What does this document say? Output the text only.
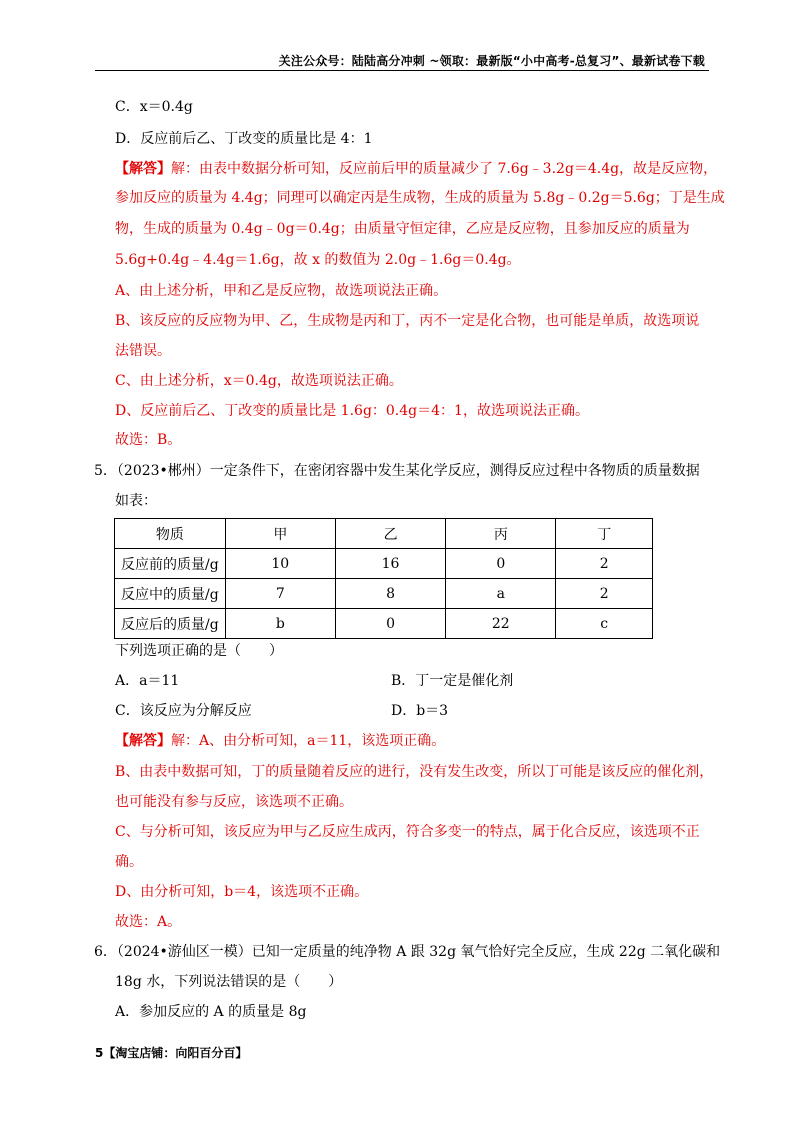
关注公众号：陆陆高分冲刺 ~领取：最新版“小中高考-总复习”、最新试卷下载
C．x＝0.4g
D．反应前后乙、丁改变的质量比是 4：1
【解答】解：由表中数据分析可知，反应前后甲的质量减少了 7.6g﹣3.2g＝4.4g，故是反应物，
参加反应的质量为 4.4g；同理可以确定丙是生成物，生成的质量为 5.8g﹣0.2g＝5.6g；丁是生成
物，生成的质量为 0.4g﹣0g＝0.4g；由质量守恒定律，乙应是反应物，且参加反应的质量为
5.6g+0.4g﹣4.4g＝1.6g，故 x 的数值为 2.0g﹣1.6g＝0.4g。
A、由上述分析，甲和乙是反应物，故选项说法正确。
B、该反应的反应物为甲、乙，生成物是丙和丁，丙不一定是化合物，也可能是单质，故选项说
法错误。
C、由上述分析，x＝0.4g，故选项说法正确。
D、反应前后乙、丁改变的质量比是 1.6g：0.4g＝4：1，故选项说法正确。
故选：B。
5．（2023•郴州）一定条件下，在密闭容器中发生某化学反应，测得反应过程中各物质的质量数据
如表：
物质	甲	乙	丙	丁
反应前的质量/g	10	16	0	2
反应中的质量/g	7	8	a	2
反应后的质量/g	b	0	22	c
下列选项正确的是（　　）
A．a＝11	B．丁一定是催化剂
C．该反应为分解反应	D．b＝3
【解答】解：A、由分析可知，a＝11，该选项正确。
B、由表中数据可知，丁的质量随着反应的进行，没有发生改变，所以丁可能是该反应的催化剂，
也可能没有参与反应，该选项不正确。
C、与分析可知，该反应为甲与乙反应生成丙，符合多变一的特点，属于化合反应，该选项不正
确。
D、由分析可知，b＝4，该选项不正确。
故选：A。
6．（2024•游仙区一模）已知一定质量的纯净物 A 跟 32g 氧气恰好完全反应，生成 22g 二氧化碳和
18g 水，下列说法错误的是（　　）
A．参加反应的 A 的质量是 8g
5【淘宝店铺：向阳百分百】
